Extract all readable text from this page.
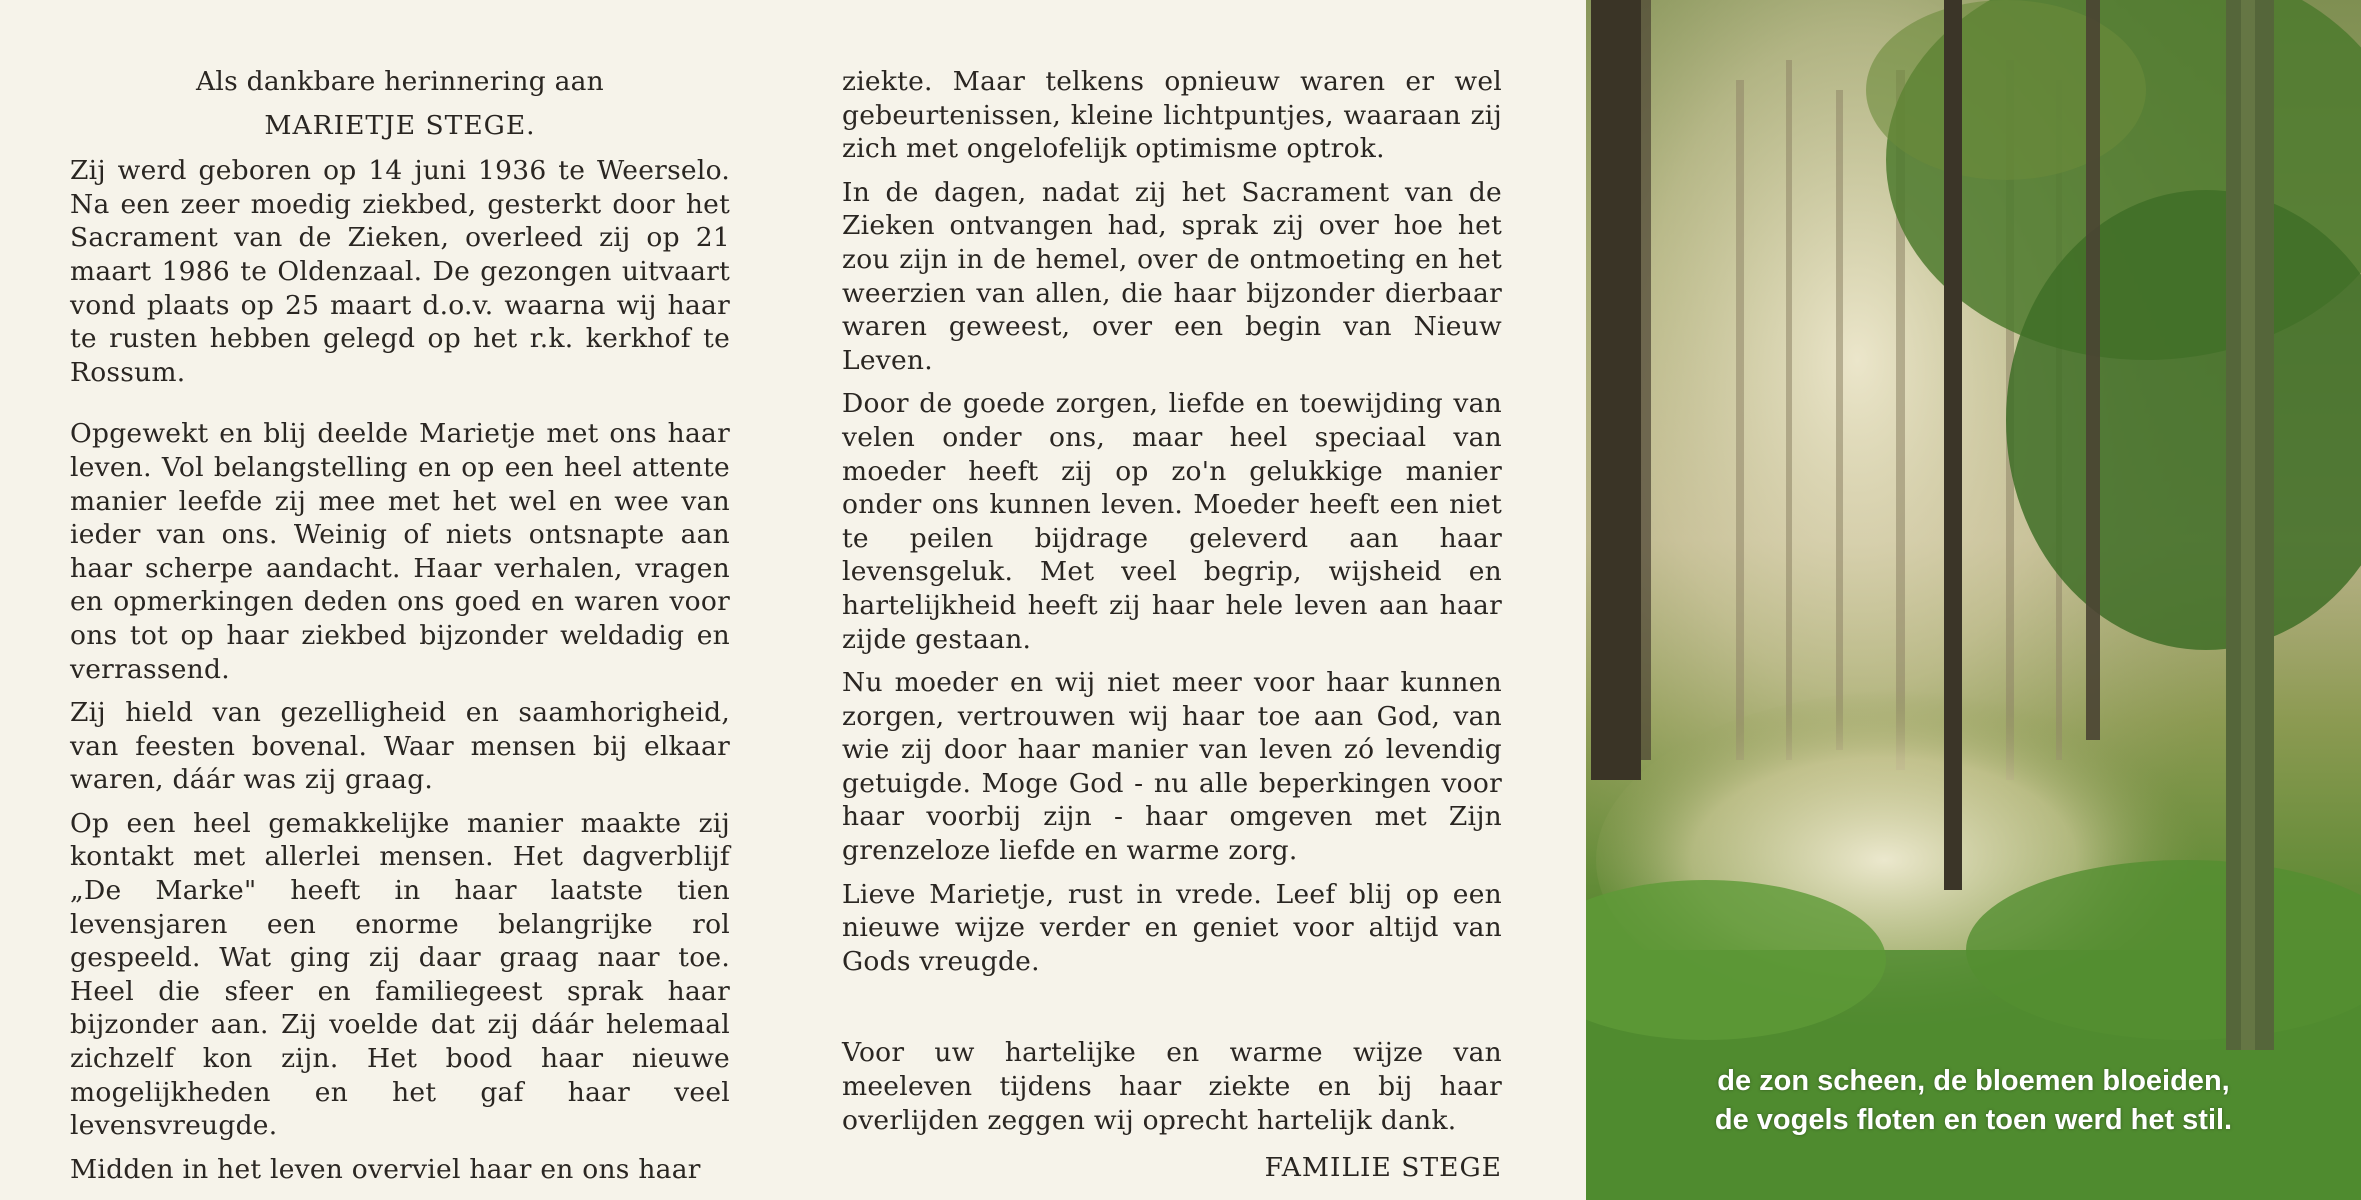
Als dankbare herinnering aan
MARIETJE STEGE.

Zij werd geboren op 14 juni 1936 te Weerselo. Na een zeer moedig ziekbed, gesterkt door het Sacrament van de Zieken, overleed zij op 21 maart 1986 te Oldenzaal. De gezongen uitvaart vond plaats op 25 maart d.o.v. waarna wij haar te rusten hebben gelegd op het r.k. kerkhof te Rossum.

Opgewekt en blij deelde Marietje met ons haar leven. Vol belangstelling en op een heel attente manier leefde zij mee met het wel en wee van ieder van ons. Weinig of niets ontsnapte aan haar scherpe aandacht. Haar verhalen, vragen en opmerkingen deden ons goed en waren voor ons tot op haar ziekbed bijzonder weldadig en verrassend.

Zij hield van gezelligheid en saamhorigheid, van feesten bovenal. Waar mensen bij elkaar waren, dáár was zij graag.

Op een heel gemakkelijke manier maakte zij kontakt met allerlei mensen. Het dagverblijf „De Marke" heeft in haar laatste tien levensjaren een enorme belangrijke rol gespeeld. Wat ging zij daar graag naar toe. Heel die sfeer en familiegeest sprak haar bijzonder aan. Zij voelde dat zij dáár helemaal zichzelf kon zijn. Het bood haar nieuwe mogelijkheden en het gaf haar veel levensvreugde.

Midden in het leven overviel haar en ons haar

ziekte. Maar telkens opnieuw waren er wel gebeurtenissen, kleine lichtpuntjes, waaraan zij zich met ongelofelijk optimisme optrok.

In de dagen, nadat zij het Sacrament van de Zieken ontvangen had, sprak zij over hoe het zou zijn in de hemel, over de ontmoeting en het weerzien van allen, die haar bijzonder dierbaar waren geweest, over een begin van Nieuw Leven.

Door de goede zorgen, liefde en toewijding van velen onder ons, maar heel speciaal van moeder heeft zij op zo'n gelukkige manier onder ons kunnen leven. Moeder heeft een niet te peilen bijdrage geleverd aan haar levensgeluk. Met veel begrip, wijsheid en hartelijkheid heeft zij haar hele leven aan haar zijde gestaan.

Nu moeder en wij niet meer voor haar kunnen zorgen, vertrouwen wij haar toe aan God, van wie zij door haar manier van leven zó levendig getuigde. Moge God - nu alle beperkingen voor haar voorbij zijn - haar omgeven met Zijn grenzeloze liefde en warme zorg.

Lieve Marietje, rust in vrede. Leef blij op een nieuwe wijze verder en geniet voor altijd van Gods vreugde.

Voor uw hartelijke en warme wijze van meeleven tijdens haar ziekte en bij haar overlijden zeggen wij oprecht hartelijk dank.

FAMILIE STEGE
de zon scheen, de bloemen bloeiden,
de vogels floten en toen werd het stil.
